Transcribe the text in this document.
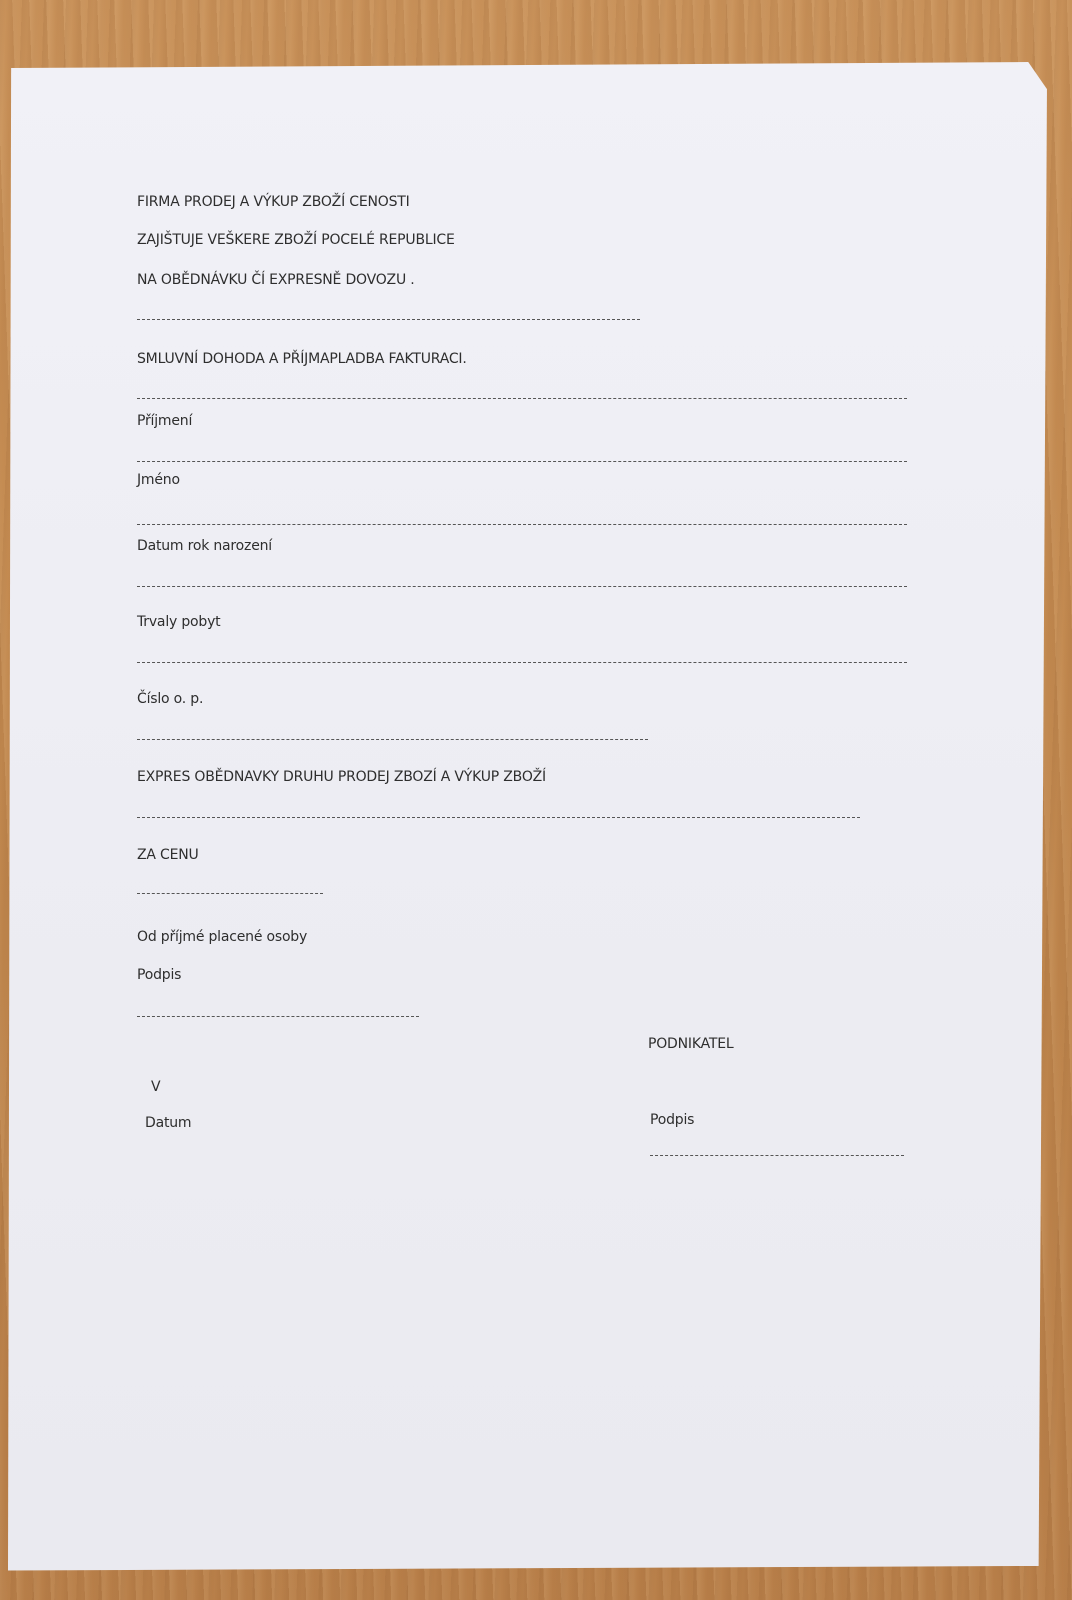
FIRMA PRODEJ A VÝKUP ZBOŽÍ CENOSTI
ZAJIŠTUJE VEŠKERE ZBOŽÍ POCELÉ REPUBLICE
NA OBĚDNÁVKU ČÍ EXPRESNĚ DOVOZU .
SMLUVNÍ DOHODA A PŘÍJMAPLADBA FAKTURACI.
Příjmení
Jméno
Datum rok narození
Trvaly pobyt
Číslo o. p.
EXPRES OBĚDNAVKY DRUHU PRODEJ ZBOZÍ A VÝKUP ZBOŽÍ
ZA CENU
Od příjmé placené osoby
Podpis
PODNIKATEL
V
Datum	Podpis
